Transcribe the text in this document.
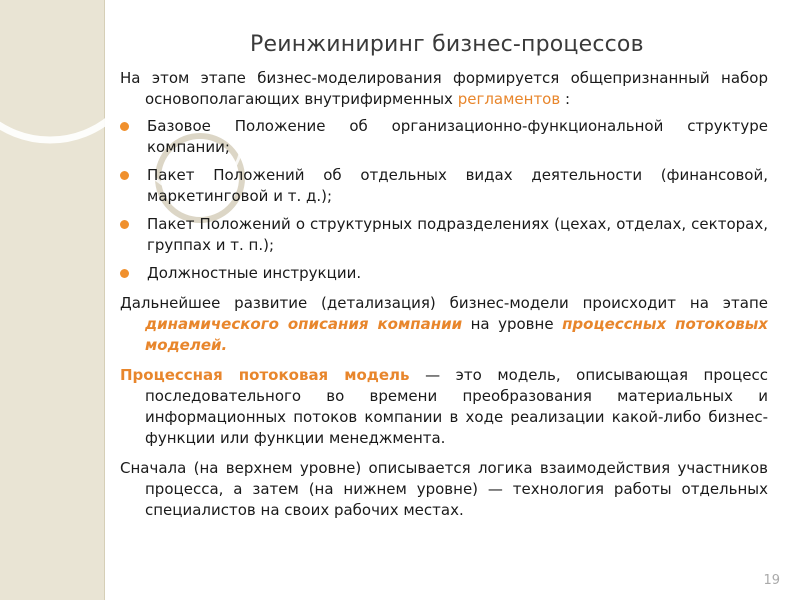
Реинжиниринг бизнес-процессов

На этом этапе бизнес-моделирования формируется общепризнанный набор основополагающих внутрифирменных регламентов :

Базовое Положение об организационно-функциональной структуре компании;
Пакет Положений об отдельных видах деятельности (финансовой, маркетинговой и т. д.);
Пакет Положений о структурных подразделениях (цехах, отделах, секторах, группах и т. п.);
Должностные инструкции.

Дальнейшее развитие (детализация) бизнес-модели происходит на этапе динамического описания компании на уровне процессных потоковых моделей.

Процессная потоковая модель — это модель, описывающая процесс последовательного во времени преобразования материальных и информационных потоков компании в ходе реализации какой-либо бизнес-функции или функции менеджмента.

Сначала (на верхнем уровне) описывается логика взаимодействия участников процесса, а затем (на нижнем уровне) — технология работы отдельных специалистов на своих рабочих местах.

19
